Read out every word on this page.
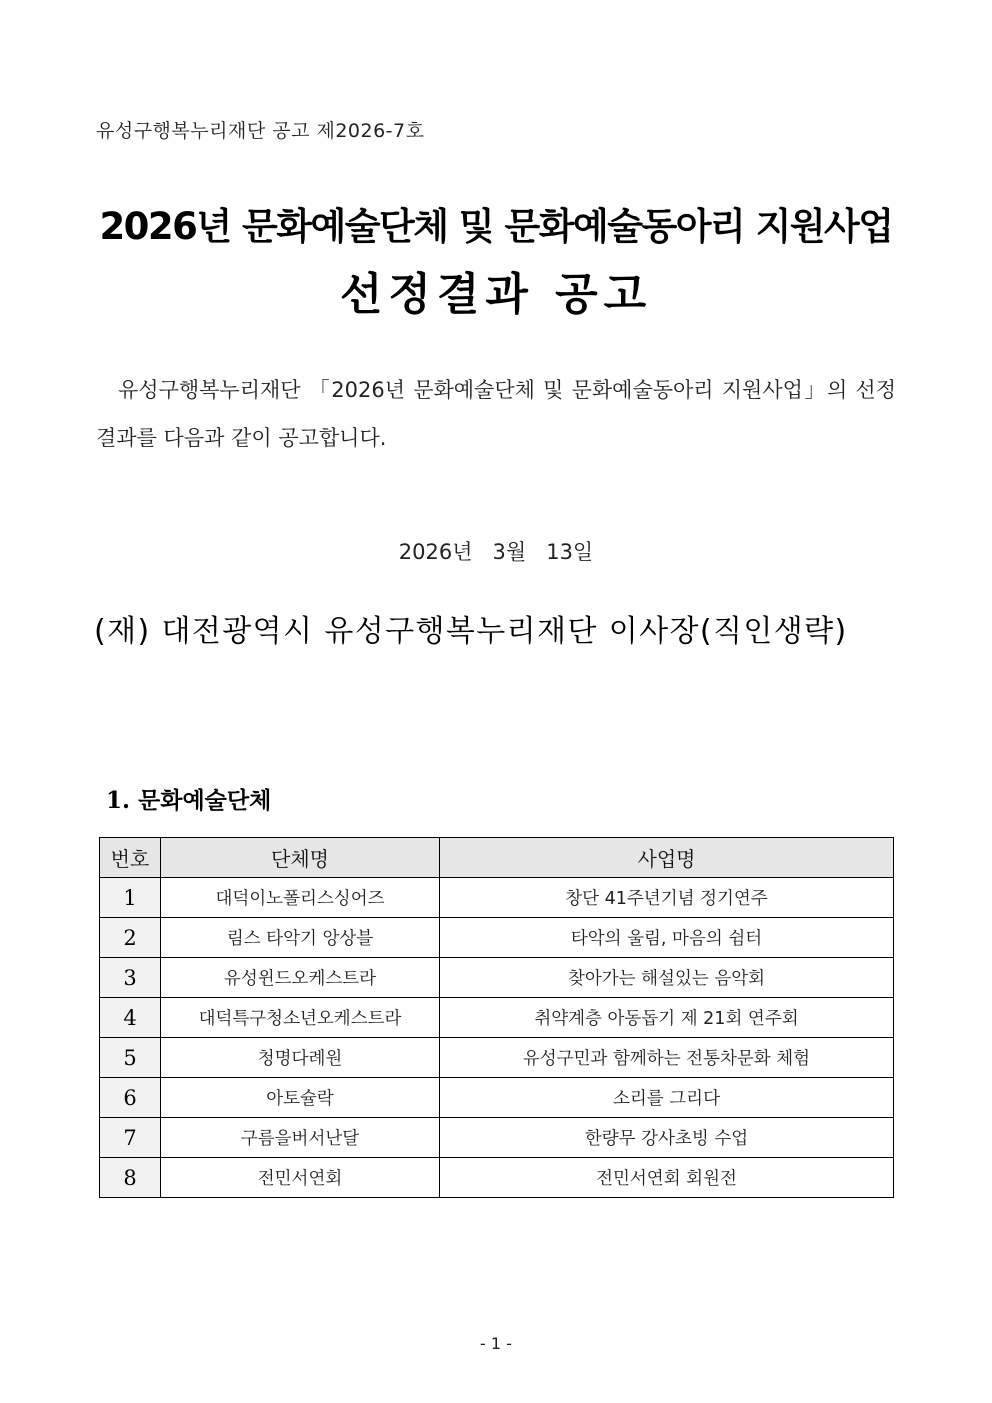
유성구행복누리재단 공고 제2026-7호
2026년 문화예술단체 및 문화예술동아리 지원사업
선정결과 공고
유성구행복누리재단 「2026년 문화예술단체 및 문화예술동아리 지원사업」의 선정결과를 다음과 같이 공고합니다.
2026년   3월   13일
(재) 대전광역시 유성구행복누리재단 이사장(직인생략)
1. 문화예술단체
번호	단체명	사업명
1	대덕이노폴리스싱어즈	창단 41주년기념 정기연주
2	림스 타악기 앙상블	타악의 울림, 마음의 쉼터
3	유성윈드오케스트라	찾아가는 해설있는 음악회
4	대덕특구청소년오케스트라	취약계층 아동돕기 제 21회 연주회
5	청명다례원	유성구민과 함께하는 전통차문화 체험
6	아토슐락	소리를 그리다
7	구름을버서난달	한량무 강사초빙 수업
8	전민서연회	전민서연회 회원전
- 1 -
